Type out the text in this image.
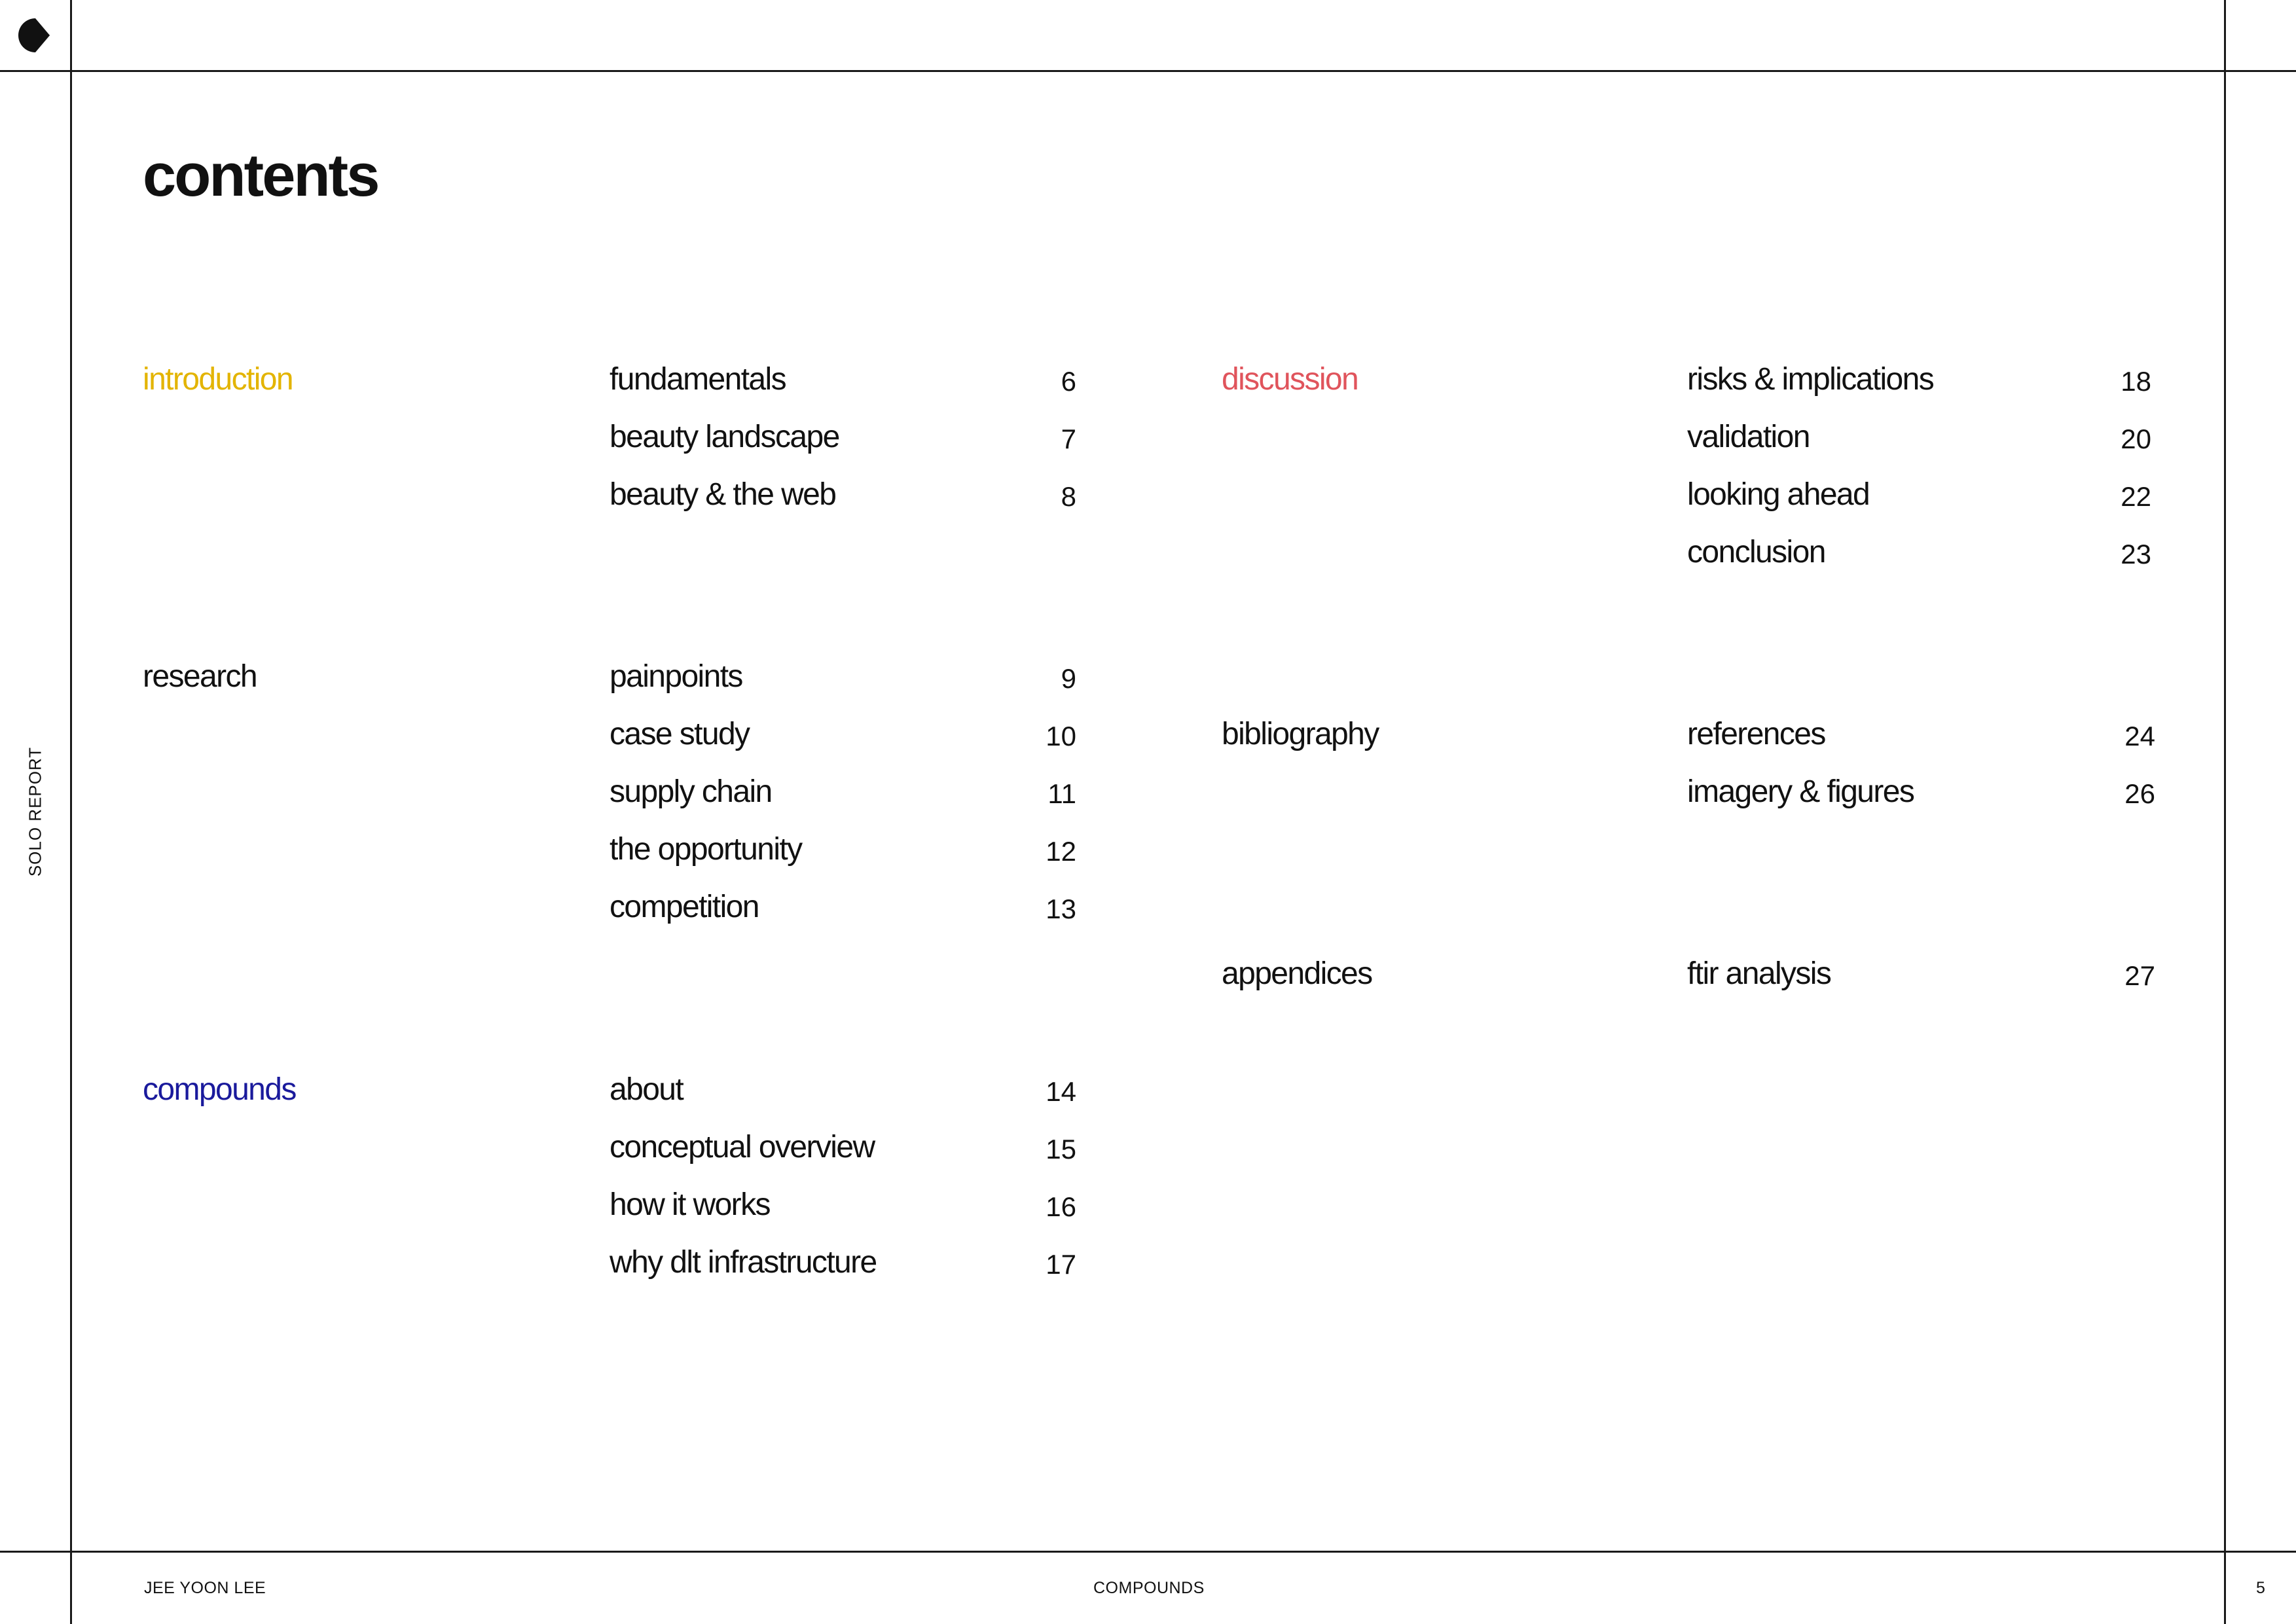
SOLO REPORT
contents
introduction	fundamentals	6
beauty landscape	7
beauty & the web	8
research	painpoints	9
case study	10
supply chain	11
the opportunity	12
competition	13
compounds	about	14
conceptual overview	15
how it works	16
why dlt infrastructure	17
discussion	risks & implications	18
validation	20
looking ahead	22
conclusion	23
bibliography	references	24
imagery & figures	26
appendices	ftir analysis	27
JEE YOON LEE	COMPOUNDS	5
